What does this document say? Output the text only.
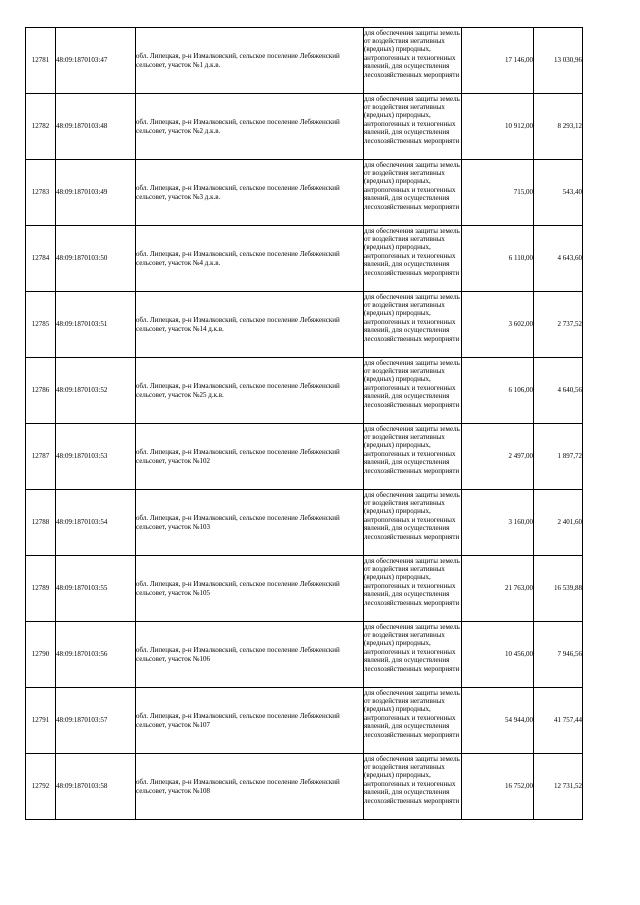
12781	48:09:1870103:47	обл. Липецкая, р-н Измалковский, сельское поселение Лебяженский сельсовет, участок №1 д.к.в.	для обеспечения защиты земель от воздействия негативных (вредных) природных, антропогенных и техногенных явлений, для осуществления лесохозяйственных мероприяти	17 146,00	13 030,96
12782	48:09:1870103:48	обл. Липецкая, р-н Измалковский, сельское поселение Лебяженский сельсовет, участок №2 д.к.в.	для обеспечения защиты земель от воздействия негативных (вредных) природных, антропогенных и техногенных явлений, для осуществления лесохозяйственных мероприяти	10 912,00	8 293,12
12783	48:09:1870103:49	обл. Липецкая, р-н Измалковский, сельское поселение Лебяженский сельсовет, участок №3 д.к.в.	для обеспечения защиты земель от воздействия негативных (вредных) природных, антропогенных и техногенных явлений, для осуществления лесохозяйственных мероприяти	715,00	543,40
12784	48:09:1870103:50	обл. Липецкая, р-н Измалковский, сельское поселение Лебяженский сельсовет, участок №4 д.к.в.	для обеспечения защиты земель от воздействия негативных (вредных) природных, антропогенных и техногенных явлений, для осуществления лесохозяйственных мероприяти	6 110,00	4 643,60
12785	48:09:1870103:51	обл. Липецкая, р-н Измалковский, сельское поселение Лебяженский сельсовет, участок №14 д.к.в.	для обеспечения защиты земель от воздействия негативных (вредных) природных, антропогенных и техногенных явлений, для осуществления лесохозяйственных мероприяти	3 602,00	2 737,52
12786	48:09:1870103:52	обл. Липецкая, р-н Измалковский, сельское поселение Лебяженский сельсовет, участок №25 д.к.в.	для обеспечения защиты земель от воздействия негативных (вредных) природных, антропогенных и техногенных явлений, для осуществления лесохозяйственных мероприяти	6 106,00	4 640,56
12787	48:09:1870103:53	обл. Липецкая, р-н Измалковский, сельское поселение Лебяженский сельсовет, участок №102	для обеспечения защиты земель от воздействия негативных (вредных) природных, антропогенных и техногенных явлений, для осуществления лесохозяйственных мероприяти	2 497,00	1 897,72
12788	48:09:1870103:54	обл. Липецкая, р-н Измалковский, сельское поселение Лебяженский сельсовет, участок №103	для обеспечения защиты земель от воздействия негативных (вредных) природных, антропогенных и техногенных явлений, для осуществления лесохозяйственных мероприяти	3 160,00	2 401,60
12789	48:09:1870103:55	обл. Липецкая, р-н Измалковский, сельское поселение Лебяженский сельсовет, участок №105	для обеспечения защиты земель от воздействия негативных (вредных) природных, антропогенных и техногенных явлений, для осуществления лесохозяйственных мероприяти	21 763,00	16 539,88
12790	48:09:1870103:56	обл. Липецкая, р-н Измалковский, сельское поселение Лебяженский сельсовет, участок №106	для обеспечения защиты земель от воздействия негативных (вредных) природных, антропогенных и техногенных явлений, для осуществления лесохозяйственных мероприяти	10 456,00	7 946,56
12791	48:09:1870103:57	обл. Липецкая, р-н Измалковский, сельское поселение Лебяженский сельсовет, участок №107	для обеспечения защиты земель от воздействия негативных (вредных) природных, антропогенных и техногенных явлений, для осуществления лесохозяйственных мероприяти	54 944,00	41 757,44
12792	48:09:1870103:58	обл. Липецкая, р-н Измалковский, сельское поселение Лебяженский сельсовет, участок №108	для обеспечения защиты земель от воздействия негативных (вредных) природных, антропогенных и техногенных явлений, для осуществления лесохозяйственных мероприяти	16 752,00	12 731,52
